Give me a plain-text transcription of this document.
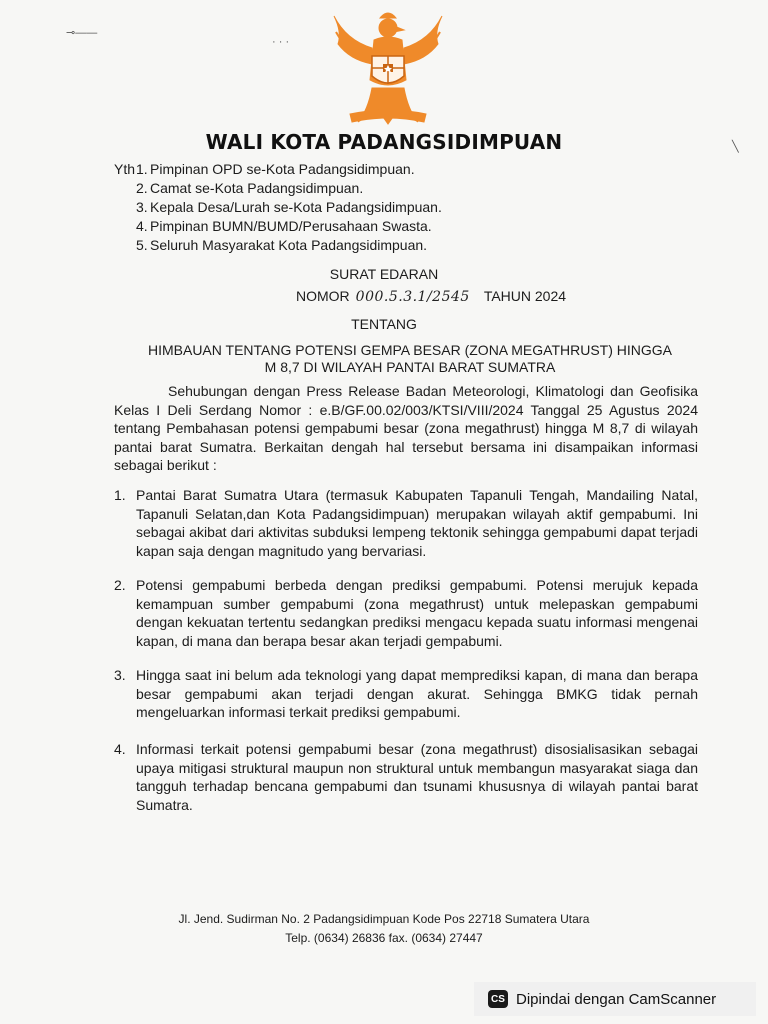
⊸——
· · ·
╲
WALI KOTA PADANGSIDIMPUAN
Yth 1. Pimpinan OPD se-Kota Padangsidimpuan.
2. Camat se-Kota Padangsidimpuan.
3. Kepala Desa/Lurah se-Kota Padangsidimpuan.
4. Pimpinan BUMN/BUMD/Perusahaan Swasta.
5. Seluruh Masyarakat Kota Padangsidimpuan.
SURAT EDARAN
NOMOR 000.5.3.1/2545 TAHUN 2024
TENTANG
HIMBAUAN TENTANG POTENSI GEMPA BESAR (ZONA MEGATHRUST) HINGGA
M 8,7 DI WILAYAH PANTAI BARAT SUMATRA
Sehubungan dengan Press Release Badan Meteorologi, Klimatologi dan Geofisika Kelas I Deli Serdang Nomor : e.B/GF.00.02/003/KTSI/VIII/2024 Tanggal 25 Agustus 2024 tentang Pembahasan potensi gempabumi besar (zona megathrust) hingga M 8,7 di wilayah pantai barat Sumatra. Berkaitan dengah hal tersebut bersama ini disampaikan informasi sebagai berikut :
1. Pantai Barat Sumatra Utara (termasuk Kabupaten Tapanuli Tengah, Mandailing Natal, Tapanuli Selatan,dan Kota Padangsidimpuan) merupakan wilayah aktif gempabumi. Ini sebagai akibat dari aktivitas subduksi lempeng tektonik sehingga gempabumi dapat terjadi kapan saja dengan magnitudo yang bervariasi.
2. Potensi gempabumi berbeda dengan prediksi gempabumi. Potensi merujuk kepada kemampuan sumber gempabumi (zona megathrust) untuk melepaskan gempabumi dengan kekuatan tertentu sedangkan prediksi mengacu kepada suatu informasi mengenai kapan, di mana dan berapa besar akan terjadi gempabumi.
3. Hingga saat ini belum ada teknologi yang dapat memprediksi kapan, di mana dan berapa besar gempabumi akan terjadi dengan akurat. Sehingga BMKG tidak pernah mengeluarkan informasi terkait prediksi gempabumi.
4. Informasi terkait potensi gempabumi besar (zona megathrust) disosialisasikan sebagai upaya mitigasi struktural maupun non struktural untuk membangun masyarakat siaga dan tangguh terhadap bencana gempabumi dan tsunami khususnya di wilayah pantai barat Sumatra.
Jl. Jend. Sudirman No. 2 Padangsidimpuan Kode Pos 22718 Sumatera Utara
Telp. (0634) 26836 fax. (0634) 27447
CS Dipindai dengan CamScanner
